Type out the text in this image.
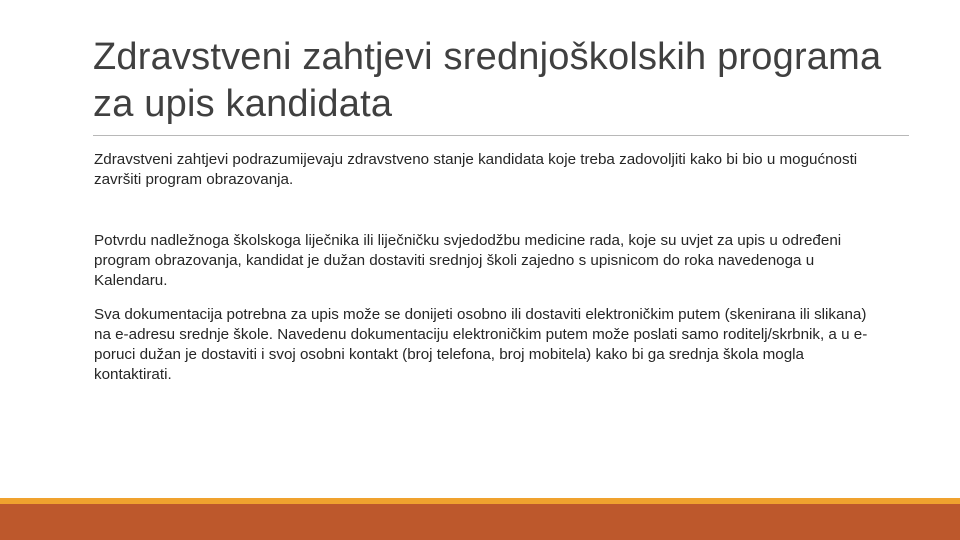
Zdravstveni zahtjevi srednjoškolskih programa za upis kandidata

Zdravstveni zahtjevi podrazumijevaju zdravstveno stanje kandidata koje treba zadovoljiti kako bi bio u mogućnosti završiti program obrazovanja.

Potvrdu nadležnoga školskoga liječnika ili liječničku svjedodžbu medicine rada, koje su uvjet za upis u određeni program obrazovanja, kandidat je dužan dostaviti srednjoj školi zajedno s upisnicom do roka navedenoga u Kalendaru.

Sva dokumentacija potrebna za upis može se donijeti osobno ili dostaviti elektroničkim putem (skenirana ili slikana) na e-adresu srednje škole. Navedenu dokumentaciju elektroničkim putem može poslati samo roditelj/skrbnik, a u e-poruci dužan je dostaviti i svoj osobni kontakt (broj telefona, broj mobitela) kako bi ga srednja škola mogla kontaktirati.
